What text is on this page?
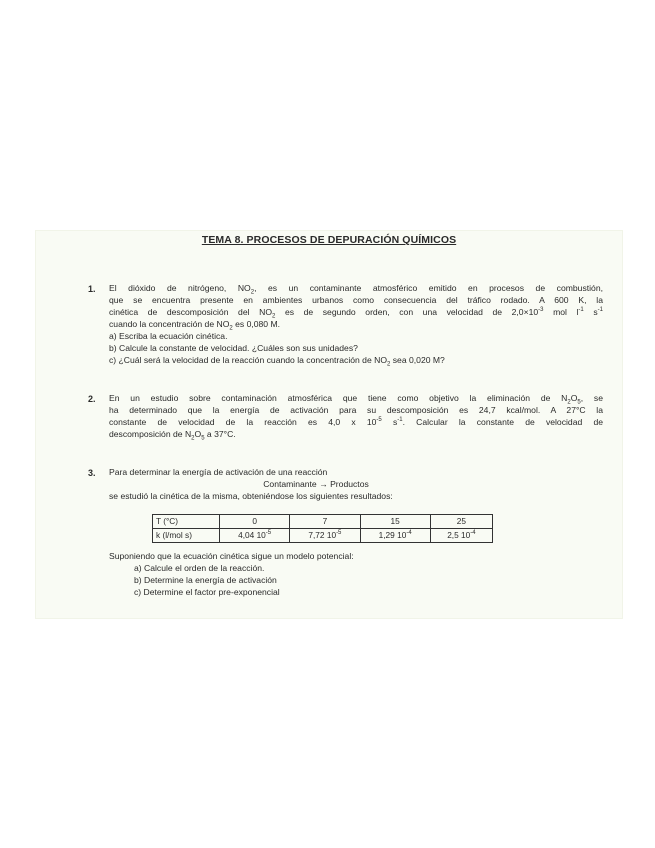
TEMA 8. PROCESOS DE DEPURACIÓN QUÍMICOS
1. El dióxido de nitrógeno, $NO_2$, es un contaminante atmosférico emitido en procesos de combustión,
que se encuentra presente en ambientes urbanos como consecuencia del tráfico rodado. A 600 K, la
cinética de descomposición del $NO_2$ es de segundo orden, con una velocidad de $2,0\times 10^{-3}$ mol $l^{-1}$ $s^{-1}$
cuando la concentración de $NO_2$ es 0,080 M.
a) Escriba la ecuación cinética.
b) Calcule la constante de velocidad. ¿Cuáles son sus unidades?
c) ¿Cuál será la velocidad de la reacción cuando la concentración de $NO_2$ sea 0,020 M?
2. En un estudio sobre contaminación atmosférica que tiene como objetivo la eliminación de $N_2O_5$, se
ha determinado que la energía de activación para su descomposición es 24,7 kcal/mol. A 27°C la
constante de velocidad de la reacción es 4,0 x $10^{-5}$ $s^{-1}$. Calcular la constante de velocidad de
descomposición de $N_2O_5$ a 37°C.
3. Para determinar la energía de activación de una reacción
Contaminante → Productos
se estudió la cinética de la misma, obteniéndose los siguientes resultados:
T (°C)	0	7	15	25
k (l/mol s)	4,04 $10^{-5}$	7,72 $10^{-5}$	1,29 $10^{-4}$	2,5 $10^{-4}$
Suponiendo que la ecuación cinética sigue un modelo potencial:
a) Calcule el orden de la reacción.
b) Determine la energía de activación
c) Determine el factor pre-exponencial
